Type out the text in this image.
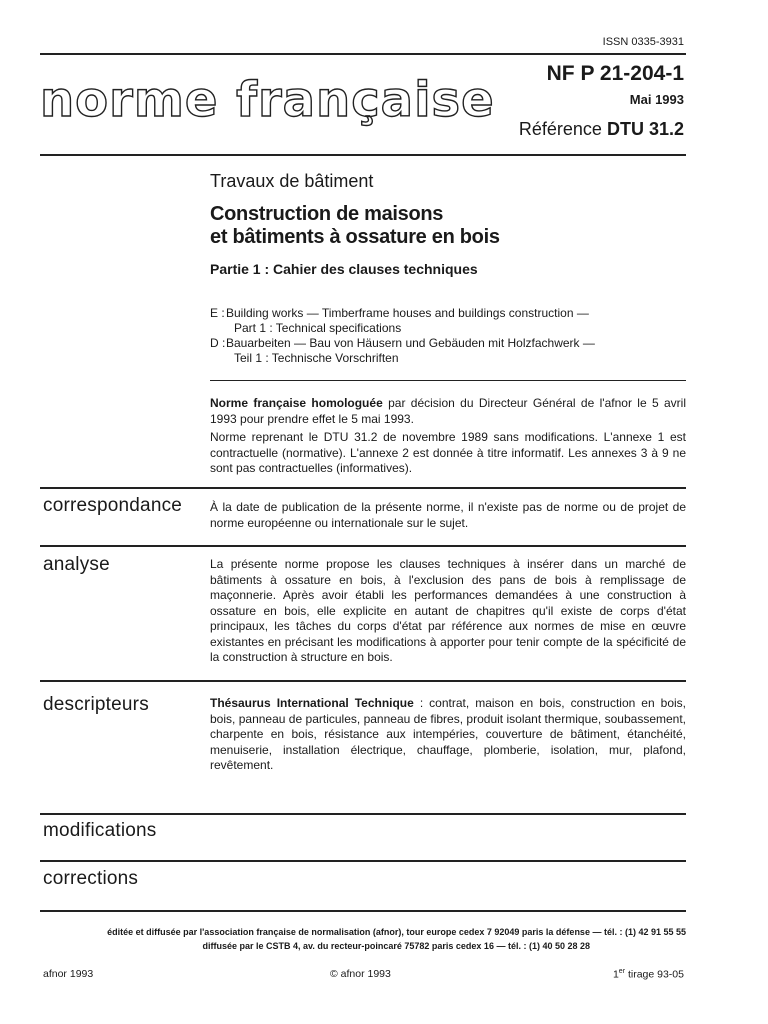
ISSN 0335-3931
norme française NF P 21-204-1
Mai 1993
Référence DTU 31.2
Travaux de bâtiment
Construction de maisons
et bâtiments à ossature en bois
Partie 1 : Cahier des clauses techniques
E : Building works — Timberframe houses and buildings construction —
Part 1 : Technical specifications
D : Bauarbeiten — Bau von Häusern und Gebäuden mit Holzfachwerk —
Teil 1 : Technische Vorschriften

Norme française homologuée par décision du Directeur Général de l'afnor le 5 avril 1993 pour prendre effet le 5 mai 1993.

Norme reprenant le DTU 31.2 de novembre 1989 sans modifications. L'annexe 1 est contractuelle (normative). L'annexe 2 est donnée à titre informatif. Les annexes 3 à 9 ne sont pas contractuelles (informatives).

correspondance À la date de publication de la présente norme, il n'existe pas de norme ou de projet de norme européenne ou internationale sur le sujet.
analyse	La présente norme propose les clauses techniques à insérer dans un marché de bâtiments à ossature en bois, à l'exclusion des pans de bois à remplissage de maçonnerie. Après avoir établi les performances demandées à une construction à ossature en bois, elle explicite en autant de chapitres qu'il existe de corps d'état principaux, les tâches du corps d'état par référence aux normes de mise en œuvre existantes en précisant les modifications à apporter pour tenir compte de la spécificité de la construction à structure en bois.
descripteurs	Thésaurus International Technique : contrat, maison en bois, construction en bois, bois, panneau de particules, panneau de fibres, produit isolant thermique, soubassement, charpente en bois, résistance aux intempéries, couverture de bâtiment, étanchéité, menuiserie, installation électrique, chauffage, plomberie, isolation, mur, plafond, revêtement.
modifications
corrections
éditée et diffusée par l'association française de normalisation (afnor), tour europe cedex 7 92049 paris la défense — tél. : (1) 42 91 55 55
diffusée par le CSTB 4, av. du recteur-poincaré 75782 paris cedex 16 — tél. : (1) 40 50 28 28
afnor 1993	© afnor 1993	1er tirage 93-05
